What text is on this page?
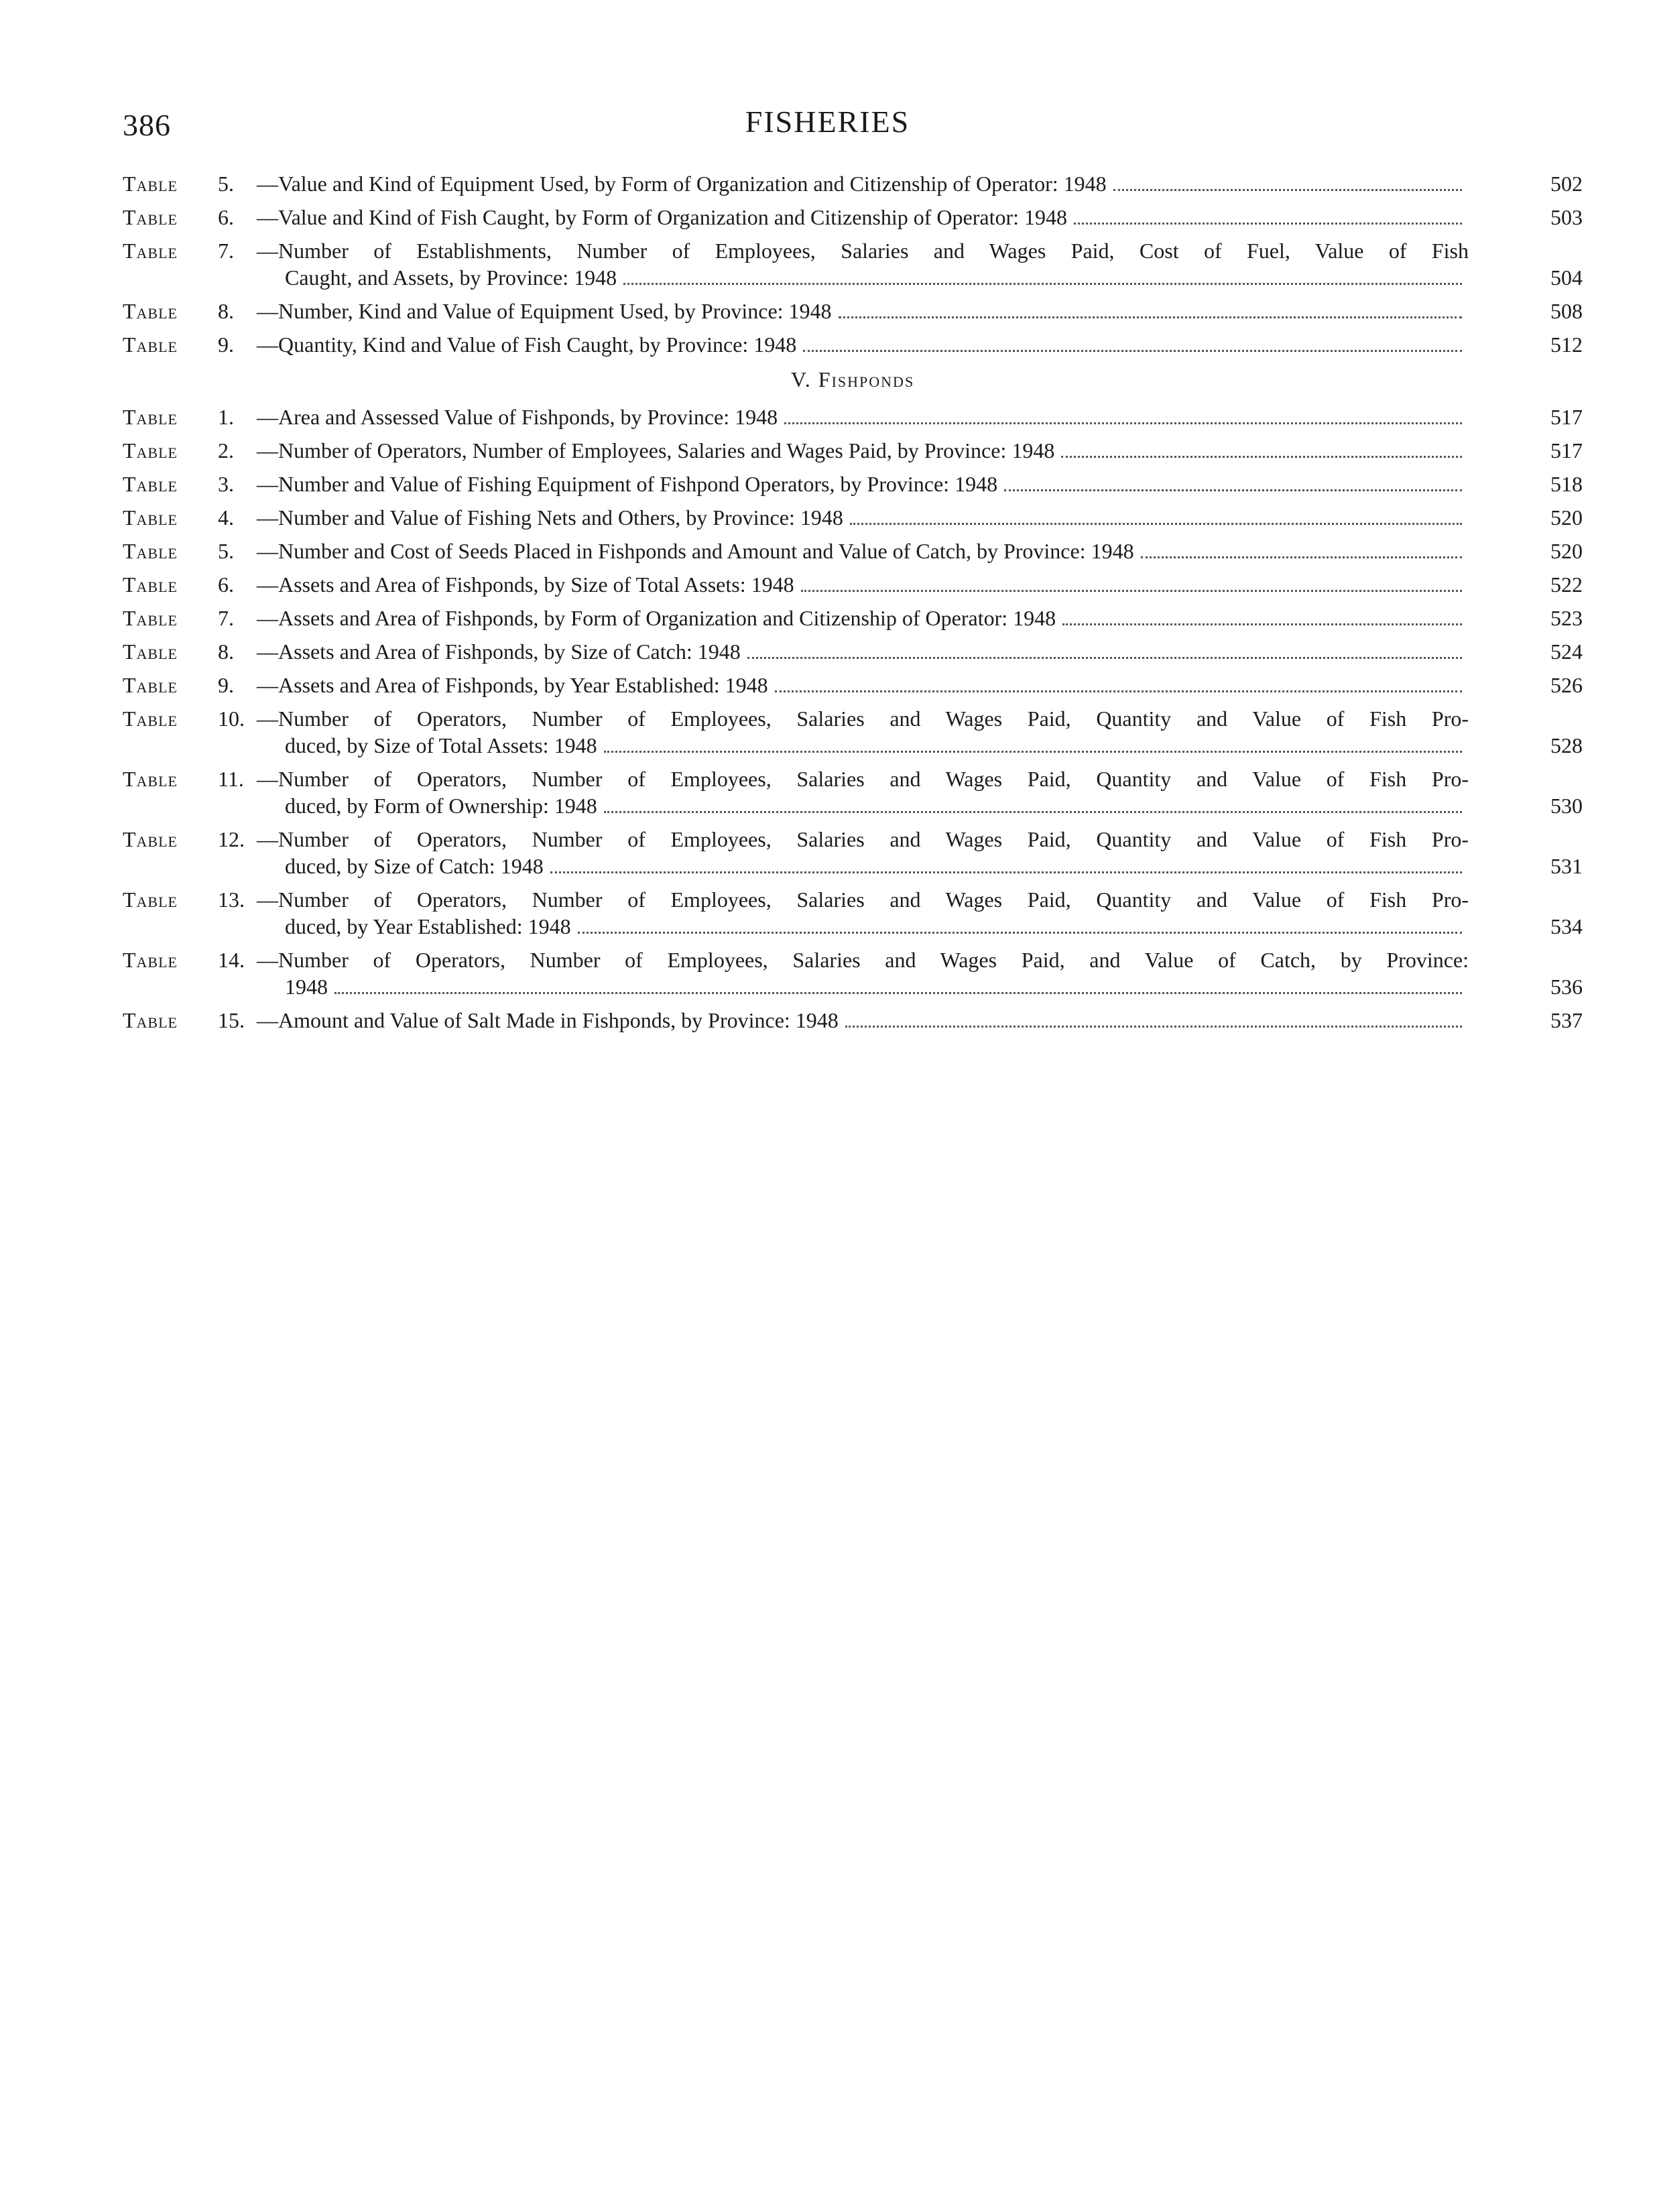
386	FISHERIES
Table	5.	—Value and Kind of Equipment Used, by Form of Organization and Citizenship of Operator: 1948	502
Table	6.	—Value and Kind of Fish Caught, by Form of Organization and Citizenship of Operator: 1948	503
Table	7.	—Number of Establishments, Number of Employees, Salaries and Wages Paid, Cost of Fuel, Value of Fish
Caught, and Assets, by Province: 1948	504
Table	8.	—Number, Kind and Value of Equipment Used, by Province: 1948	508
Table	9.	—Quantity, Kind and Value of Fish Caught, by Province: 1948	512
V. Fishponds
Table	1.	—Area and Assessed Value of Fishponds, by Province: 1948	517
Table	2.	—Number of Operators, Number of Employees, Salaries and Wages Paid, by Province: 1948	517
Table	3.	—Number and Value of Fishing Equipment of Fishpond Operators, by Province: 1948	518
Table	4.	—Number and Value of Fishing Nets and Others, by Province: 1948	520
Table	5.	—Number and Cost of Seeds Placed in Fishponds and Amount and Value of Catch, by Province: 1948	520
Table	6.	—Assets and Area of Fishponds, by Size of Total Assets: 1948	522
Table	7.	—Assets and Area of Fishponds, by Form of Organization and Citizenship of Operator: 1948	523
Table	8.	—Assets and Area of Fishponds, by Size of Catch: 1948	524
Table	9.	—Assets and Area of Fishponds, by Year Established: 1948	526
Table	10. —Number of Operators, Number of Employees, Salaries and Wages Paid, Quantity and Value of Fish Pro-
duced, by Size of Total Assets: 1948	528
Table	11. —Number of Operators, Number of Employees, Salaries and Wages Paid, Quantity and Value of Fish Pro-
duced, by Form of Ownership: 1948	530
Table	12. —Number of Operators, Number of Employees, Salaries and Wages Paid, Quantity and Value of Fish Pro-
duced, by Size of Catch: 1948	531
Table	13. —Number of Operators, Number of Employees, Salaries and Wages Paid, Quantity and Value of Fish Pro-
duced, by Year Established: 1948	534
Table	14. —Number of Operators, Number of Employees, Salaries and Wages Paid, and Value of Catch, by Province:
1948	536
Table	15. —Amount and Value of Salt Made in Fishponds, by Province: 1948	537
